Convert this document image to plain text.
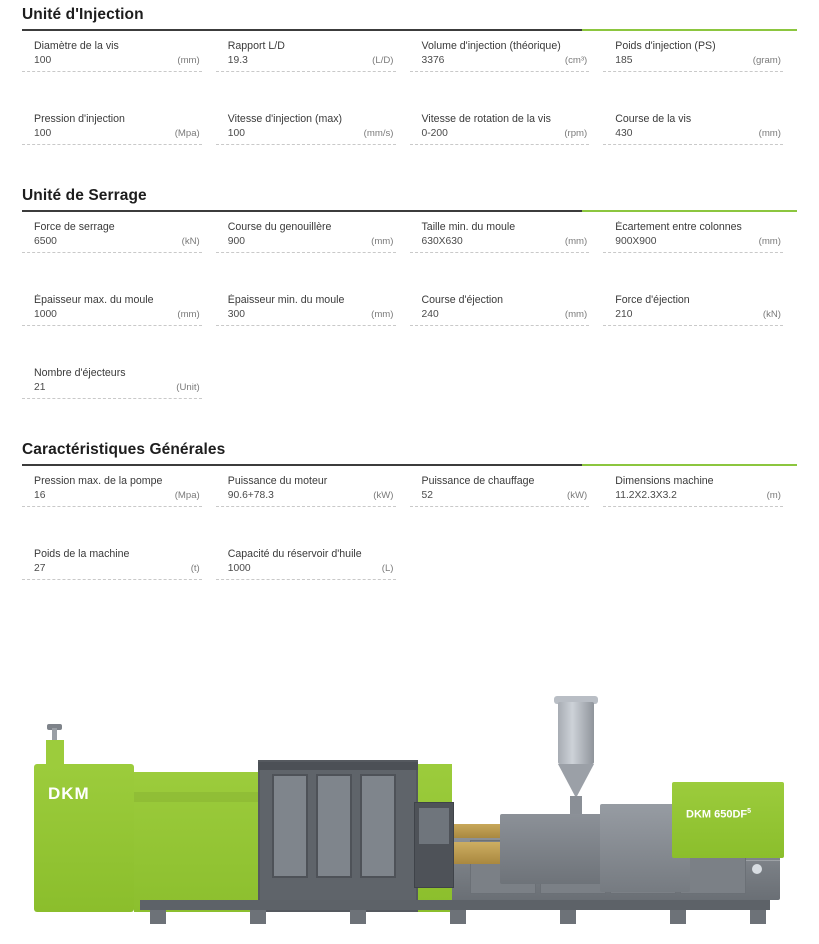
Unité d'Injection
Diamètre de la vis
100	(mm)
Rapport L/D
19.3	(L/D)
Volume d'injection (théorique)
3376	(cm³)
Poids d'injection (PS)
185	(gram)
Pression d'injection
100	(Mpa)
Vitesse d'injection (max)
100	(mm/s)
Vitesse de rotation de la vis
0-200	(rpm)
Course de la vis
430	(mm)
Unité de Serrage
Force de serrage
6500	(kN)
Course du genouillère
900	(mm)
Taille min. du moule
630X630	(mm)
Écartement entre colonnes
900X900	(mm)
Épaisseur max. du moule
1000	(mm)
Épaisseur min. du moule
300	(mm)
Course d'éjection
240	(mm)
Force d'éjection
210	(kN)
Nombre d'éjecteurs
21	(Unit)
Caractéristiques Générales
Pression max. de la pompe
16	(Mpa)
Puissance du moteur
90.6+78.3	(kW)
Puissance de chauffage
52	(kW)
Dimensions machine
11.2X2.3X3.2	(m)
Poids de la machine
27	(t)
Capacité du réservoir d'huile
1000	(L)
DKM
DKM $650DF^5$
